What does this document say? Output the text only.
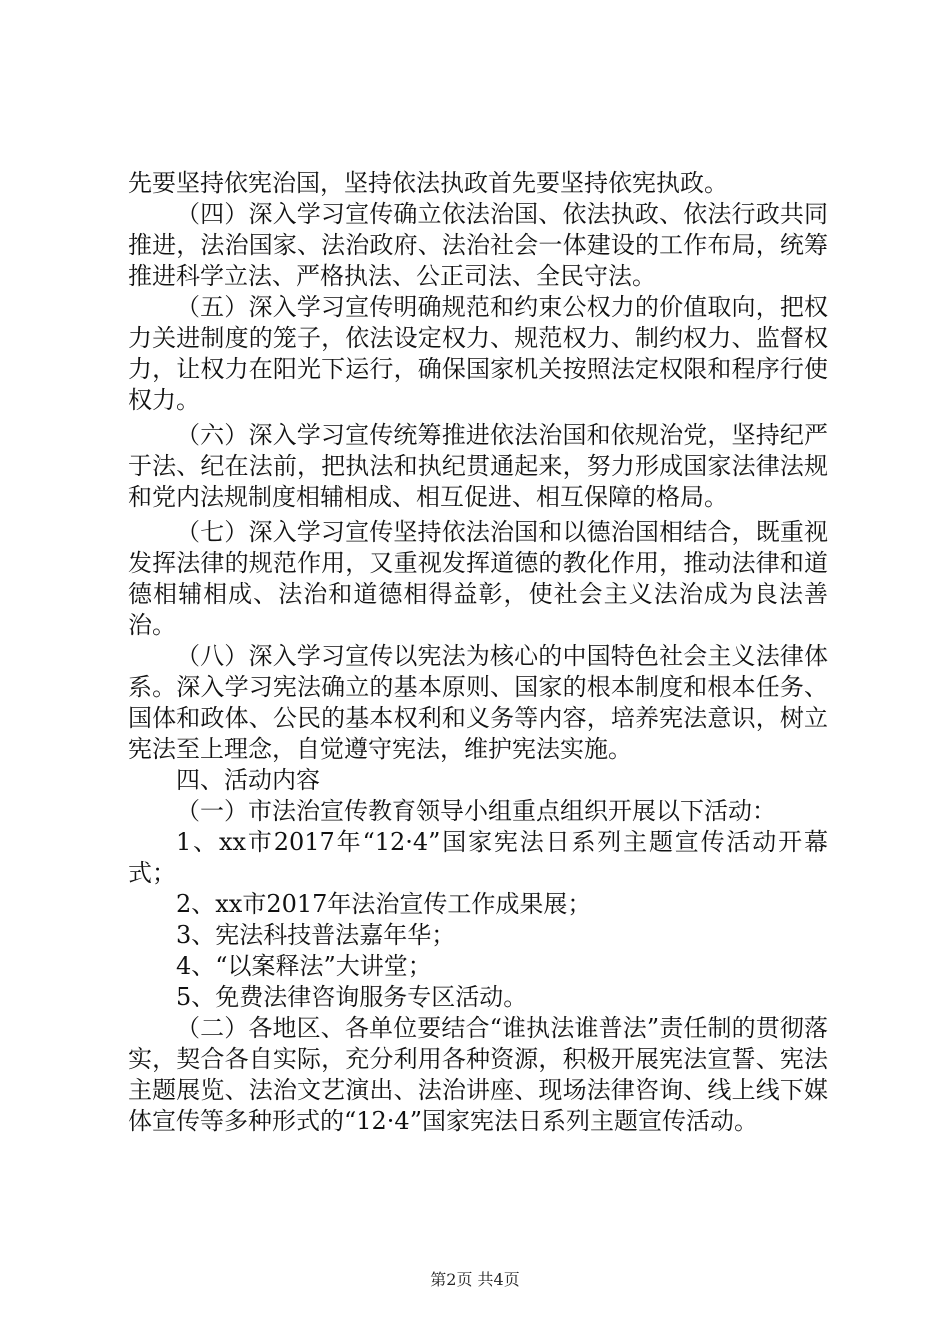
先要坚持依宪治国，坚持依法执政首先要坚持依宪执政。

（四）深入学习宣传确立依法治国、依法执政、依法行政共同推进，法治国家、法治政府、法治社会一体建设的工作布局，统筹推进科学立法、严格执法、公正司法、全民守法。

（五）深入学习宣传明确规范和约束公权力的价值取向，把权力关进制度的笼子，依法设定权力、规范权力、制约权力、监督权力，让权力在阳光下运行，确保国家机关按照法定权限和程序行使权力。

（六）深入学习宣传统筹推进依法治国和依规治党，坚持纪严于法、纪在法前，把执法和执纪贯通起来，努力形成国家法律法规和党内法规制度相辅相成、相互促进、相互保障的格局。

（七）深入学习宣传坚持依法治国和以德治国相结合，既重视发挥法律的规范作用，又重视发挥道德的教化作用，推动法律和道德相辅相成、法治和道德相得益彰，使社会主义法治成为良法善治。

（八）深入学习宣传以宪法为核心的中国特色社会主义法律体系。深入学习宪法确立的基本原则、国家的根本制度和根本任务、国体和政体、公民的基本权利和义务等内容，培养宪法意识，树立宪法至上理念，自觉遵守宪法，维护宪法实施。

四、活动内容

（一）市法治宣传教育领导小组重点组织开展以下活动：

1、xx市2017年“12·4”国家宪法日系列主题宣传活动开幕式；

2、xx市2017年法治宣传工作成果展；

3、宪法科技普法嘉年华；

4、“以案释法”大讲堂；

5、免费法律咨询服务专区活动。

（二）各地区、各单位要结合“谁执法谁普法”责任制的贯彻落实，契合各自实际，充分利用各种资源，积极开展宪法宣誓、宪法主题展览、法治文艺演出、法治讲座、现场法律咨询、线上线下媒体宣传等多种形式的“12·4”国家宪法日系列主题宣传活动。

第2页 共4页
